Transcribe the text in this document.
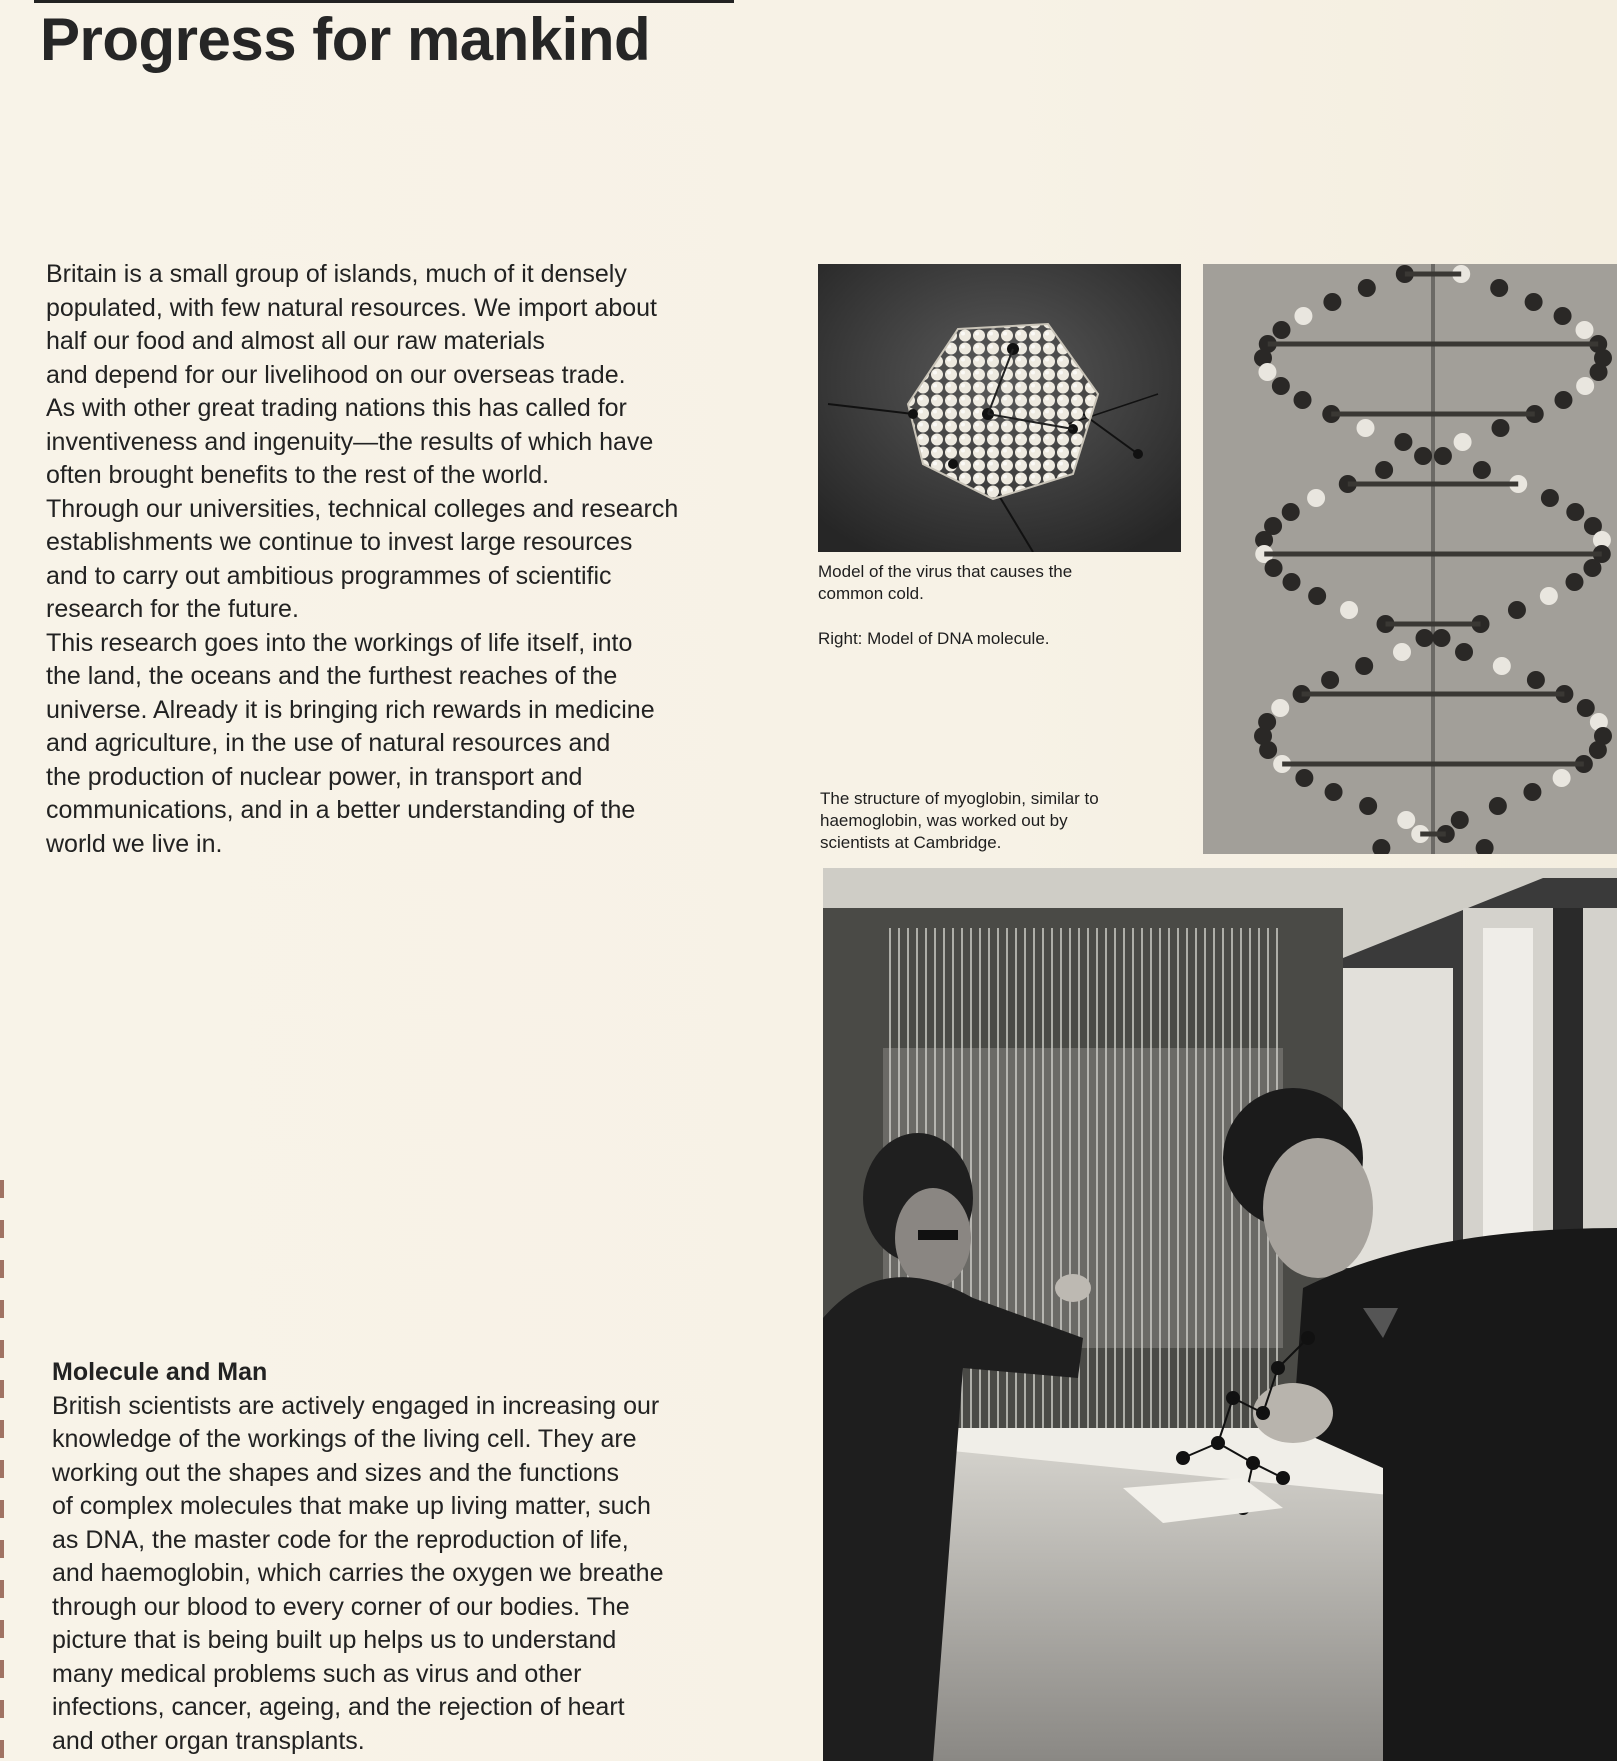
Progress for mankind
Britain is a small group of islands, much of it densely
populated, with few natural resources. We import about
half our food and almost all our raw materials
and depend for our livelihood on our overseas trade.
As with other great trading nations this has called for
inventiveness and ingenuity—the results of which have
often brought benefits to the rest of the world.
Through our universities, technical colleges and research
establishments we continue to invest large resources
and to carry out ambitious programmes of scientific
research for the future.
This research goes into the workings of life itself, into
the land, the oceans and the furthest reaches of the
universe. Already it is bringing rich rewards in medicine
and agriculture, in the use of natural resources and
the production of nuclear power, in transport and
communications, and in a better understanding of the
world we live in.
Molecule and Man
British scientists are actively engaged in increasing our
knowledge of the workings of the living cell. They are
working out the shapes and sizes and the functions
of complex molecules that make up living matter, such
as DNA, the master code for the reproduction of life,
and haemoglobin, which carries the oxygen we breathe
through our blood to every corner of our bodies. The
picture that is being built up helps us to understand
many medical problems such as virus and other
infections, cancer, ageing, and the rejection of heart
and other organ transplants.
Model of the virus that causes the
common cold.
Right: Model of DNA molecule.
The structure of myoglobin, similar to
haemoglobin, was worked out by
scientists at Cambridge.
